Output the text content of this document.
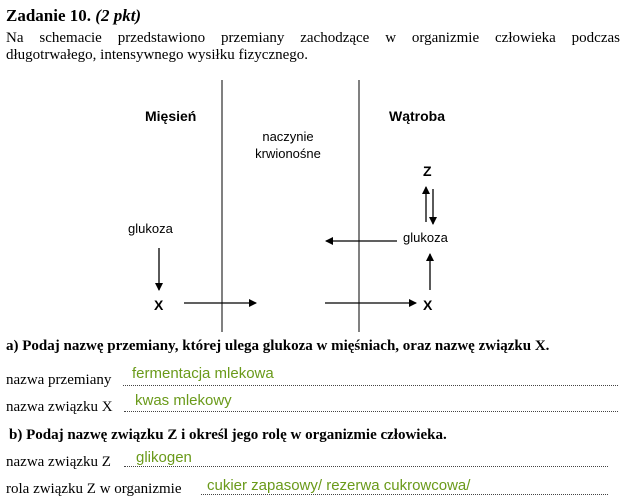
Zadanie 10. (2 pkt)
Na schemacie przedstawiono przemiany zachodzące w organizmie człowieka podczas
długotrwałego, intensywnego wysiłku fizycznego.
Mięsień
naczynie
krwionośne
Wątroba
Z
glukoza
glukoza
X	X
a) Podaj nazwę przemiany, której ulega glukoza w mięśniach, oraz nazwę związku X.
nazwa przemiany fermentacja mlekowa
nazwa związku X kwas mlekowy
b) Podaj nazwę związku Z i określ jego rolę w organizmie człowieka.
nazwa związku Z glikogen
rola związku Z w organizmie cukier zapasowy/ rezerwa cukrowcowa/
